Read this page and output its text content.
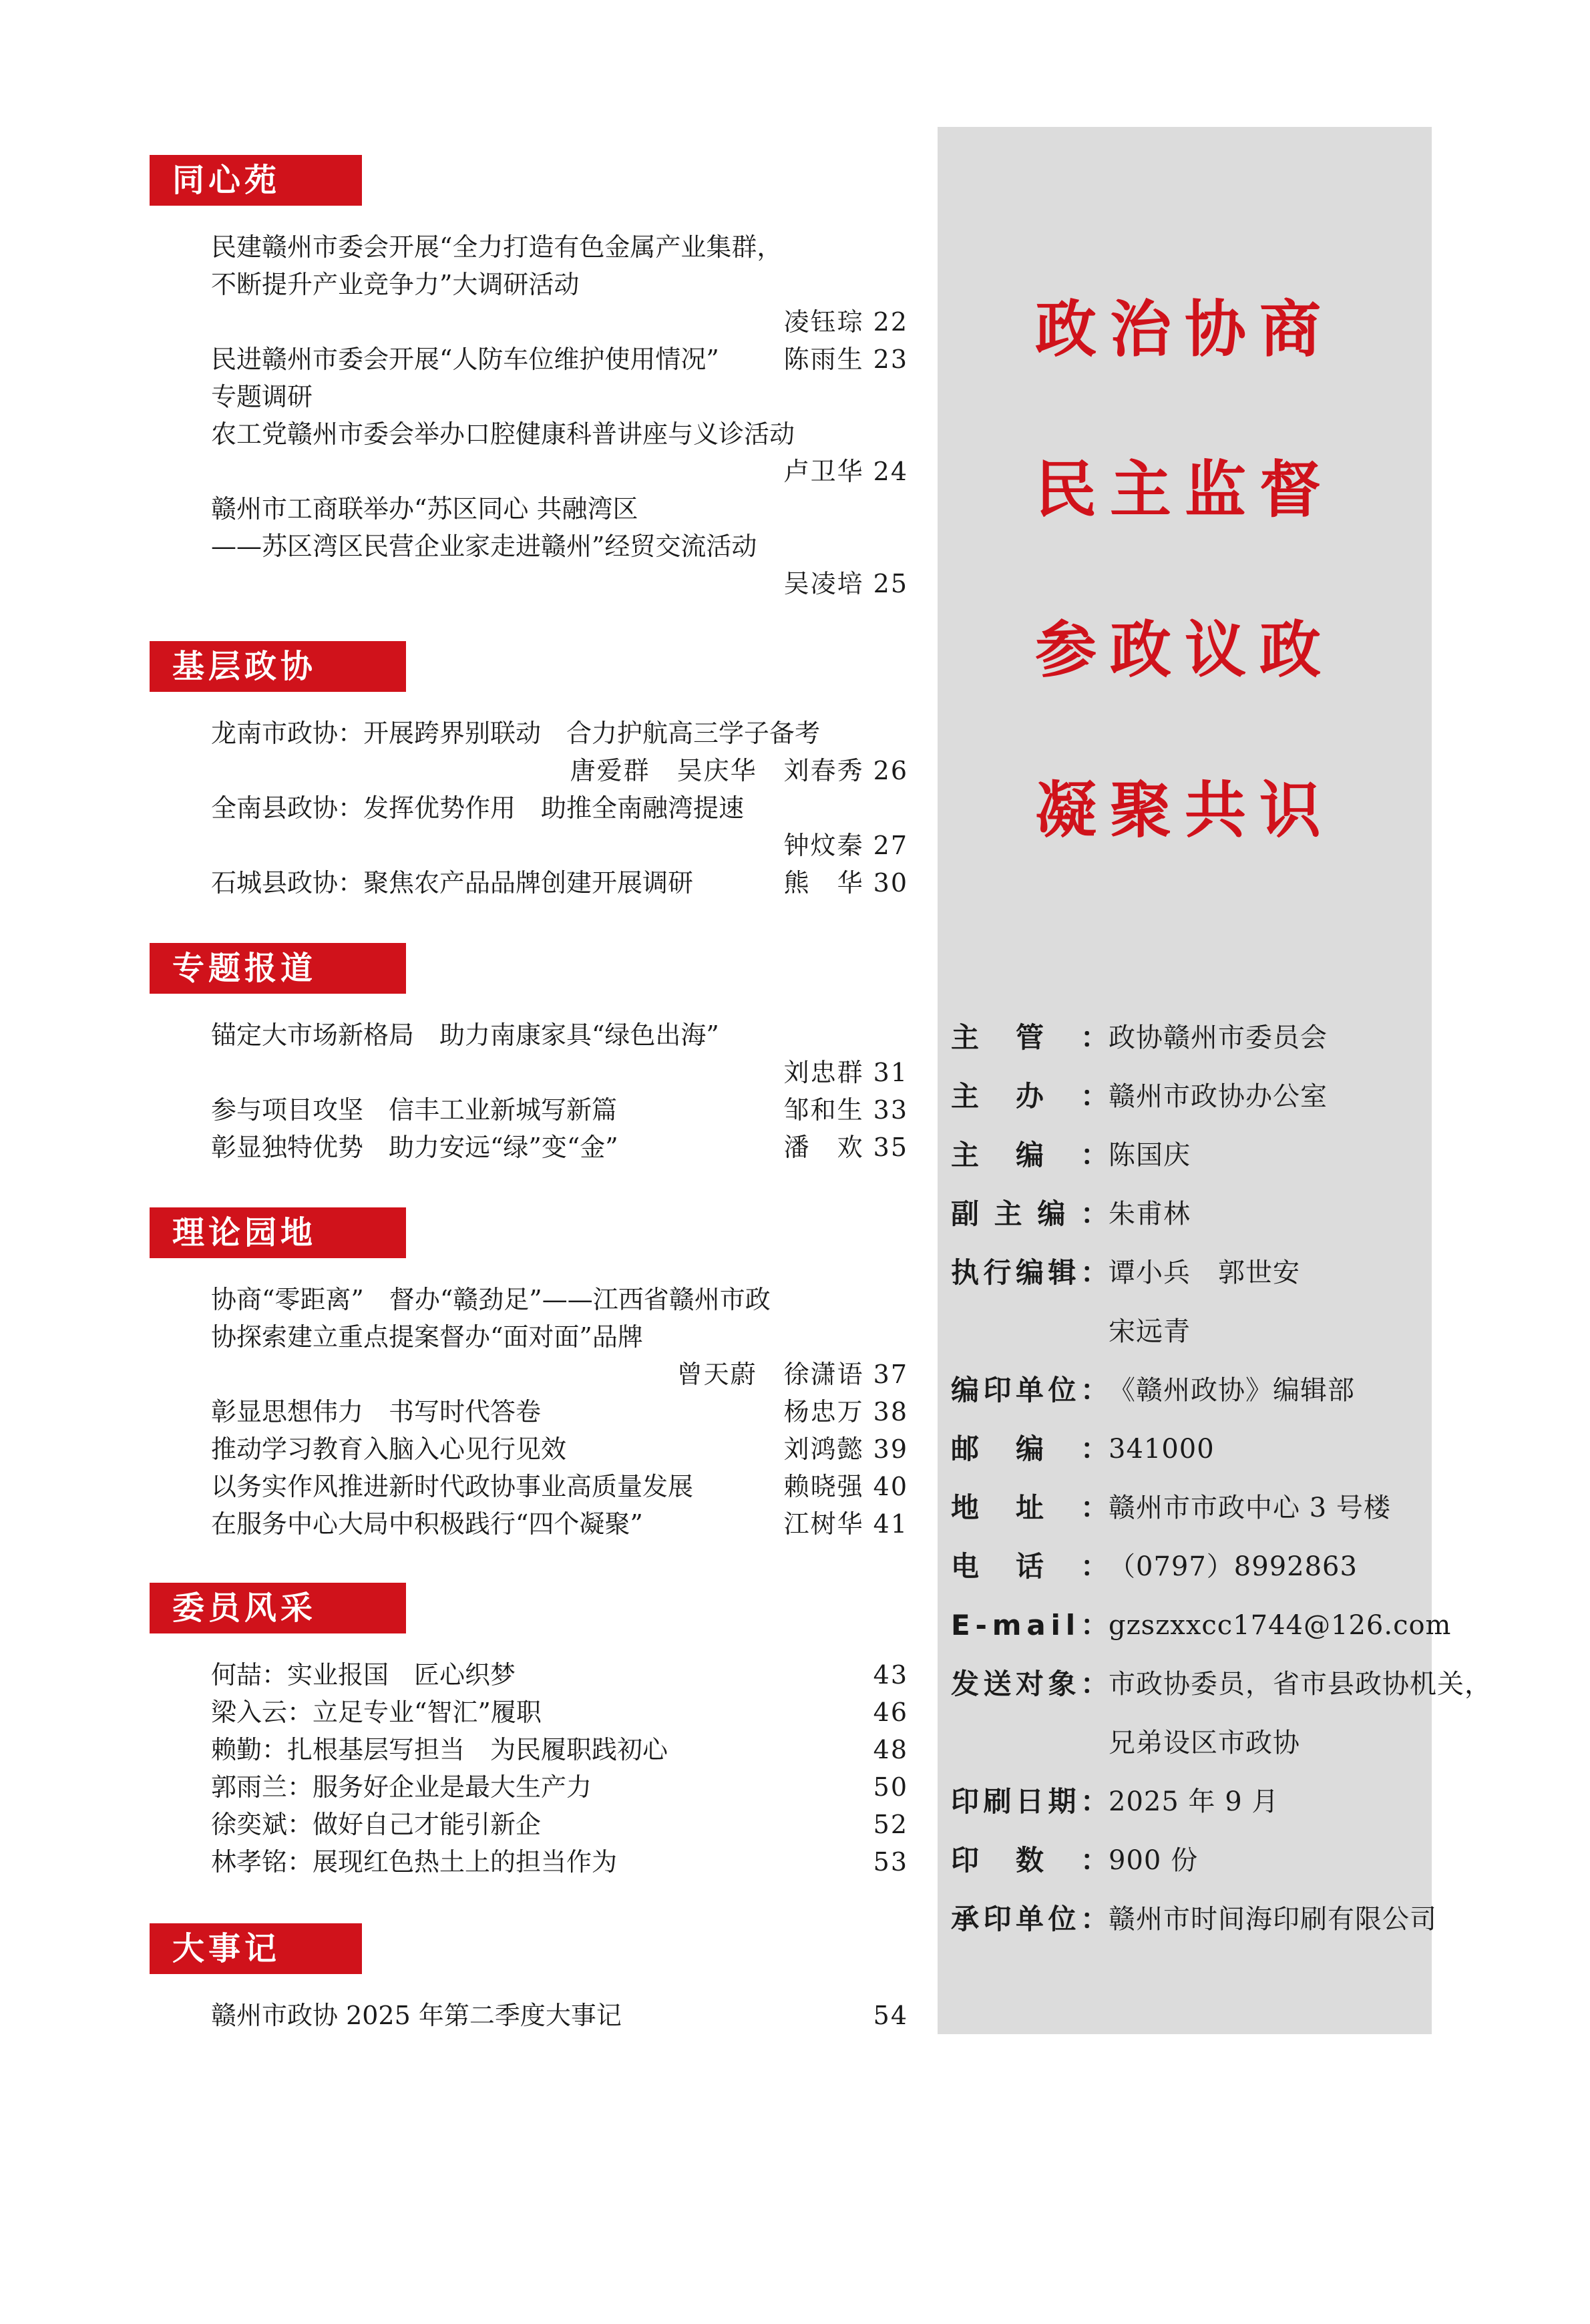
同心苑
民建赣州市委会开展“全力打造有色金属产业集群，
不断提升产业竞争力”大调研活动
凌钰琮 22
民进赣州市委会开展“人防车位维护使用情况”
专题调研
陈雨生 23
农工党赣州市委会举办口腔健康科普讲座与义诊活动
卢卫华 24
赣州市工商联举办“苏区同心 共融湾区
——苏区湾区民营企业家走进赣州”经贸交流活动
吴凌培 25
基层政协
龙南市政协：开展跨界别联动　合力护航高三学子备考
唐爱群　吴庆华　刘春秀 26
全南县政协：发挥优势作用　助推全南融湾提速
钟炆秦 27
石城县政协：聚焦农产品品牌创建开展调研	熊　华 30
专题报道
锚定大市场新格局　助力南康家具“绿色出海”
刘忠群 31
参与项目攻坚　信丰工业新城写新篇	邹和生 33
彰显独特优势　助力安远“绿”变“金”	潘　欢 35
理论园地
协商“零距离”　督办“赣劲足”——江西省赣州市政
协探索建立重点提案督办“面对面”品牌
曾天蔚　徐潇语 37
彰显思想伟力　书写时代答卷	杨忠万 38
推动学习教育入脑入心见行见效	刘鸿懿 39
以务实作风推进新时代政协事业高质量发展	赖晓强 40
在服务中心大局中积极践行“四个凝聚”	江树华 41
委员风采
何喆：实业报国　匠心织梦	43
梁入云：立足专业“智汇”履职	46
赖勤：扎根基层写担当　为民履职践初心	48
郭雨兰：服务好企业是最大生产力	50
徐奕斌：做好自己才能引新企	52
林孝铭：展现红色热土上的担当作为	53
大事记
赣州市政协 2025 年第二季度大事记	54
政治协商
民主监督
参政议政
凝聚共识
主 管 ： 政协赣州市委员会
主 办 ： 赣州市政协办公室
主 编 ： 陈国庆
副 主 编 ： 朱甫林
执 行 编 辑 ： 谭小兵　郭世安
宋远青
编 印 单 位 ： 《赣州政协》编辑部
邮 编 ： 341000
地 址 ： 赣州市市政中心 3 号楼
电 话 ： （0797）8992863
E - m a i l ： gzszxxcc1744@126.com
发 送 对 象 ： 市政协委员，省市县政协机关，
兄弟设区市政协
印 刷 日 期 ： 2025 年 9 月
印 数 ： 900 份
承 印 单 位 ： 赣州市时间海印刷有限公司
